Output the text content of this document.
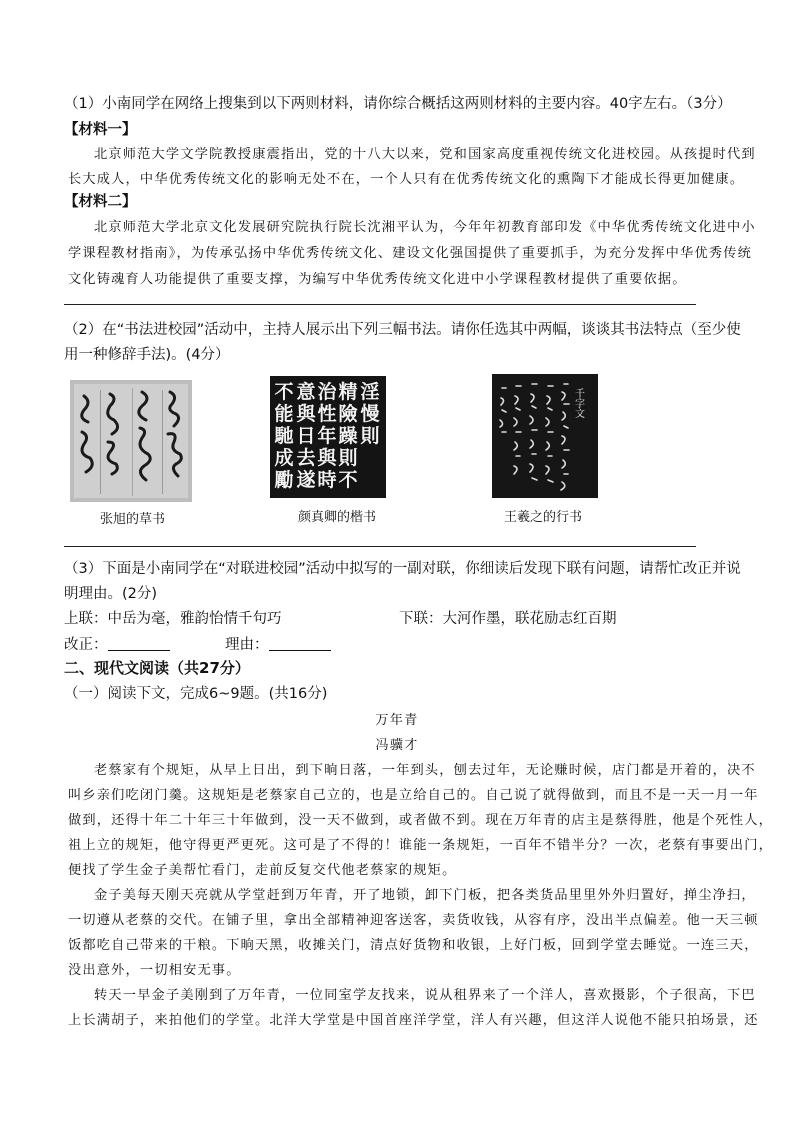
（1）小南同学在网络上搜集到以下两则材料，请你综合概括这两则材料的主要内容。40字左右。（3分）
【材料一】
北京师范大学文学院教授康震指出，党的十八大以来，党和国家高度重视传统文化进校园。从孩提时代到
长大成人，中华优秀传统文化的影响无处不在，一个人只有在优秀传统文化的熏陶下才能成长得更加健康。
【材料二】
北京师范大学北京文化发展研究院执行院长沈湘平认为，今年年初教育部印发《中华优秀传统文化进中小
学课程教材指南》，为传承弘扬中华优秀传统文化、建设文化强国提供了重要抓手，为充分发挥中华优秀传统
文化铸魂育人功能提供了重要支撑，为编写中华优秀传统文化进中小学课程教材提供了重要依据。
（2）在“书法进校园”活动中，主持人展示出下列三幅书法。请你任选其中两幅，谈谈其书法特点（至少使
用一种修辞手法)。(4分）
张旭的草书
淫
慢
則
精
險
躁
則
不
治
性
年
與
時
意
與
日
去
遂
不
能
馳
成
勵
颜真卿的楷书
千字文
王羲之的行书
（3）下面是小南同学在“对联进校园”活动中拟写的一副对联，你细读后发现下联有问题，请帮忙改正并说
明理由。(2分)
上联：中岳为毫，雅韵怡情千句巧	下联：大河作墨，联花励志红百期
改正：	理由：
二、现代文阅读（共27分）
（一）阅读下文，完成6~9题。(共16分)
万年青
冯骥才
老蔡家有个规矩，从早上日出，到下晌日落，一年到头，刨去过年，无论赚时候，店门都是开着的，决不
叫乡亲们吃闭门羹。这规矩是老蔡家自己立的，也是立给自己的。自己说了就得做到，而且不是一天一月一年
做到，还得十年二十年三十年做到，没一天不做到，或者做不到。现在万年青的店主是蔡得胜，他是个死性人，
祖上立的规矩，他守得更严更死。这可是了不得的！谁能一条规矩，一百年不错半分？一次，老蔡有事要出门，
便找了学生金子美帮忙看门，走前反复交代他老蔡家的规矩。
金子美每天刚天亮就从学堂赶到万年青，开了地锁，卸下门板，把各类货品里里外外归置好，掸尘净扫，
一切遵从老蔡的交代。在铺子里，拿出全部精神迎客送客，卖货收钱，从容有序，没出半点偏差。他一天三顿
饭都吃自己带来的干粮。下晌天黑，收摊关门，清点好货物和收银，上好门板，回到学堂去睡觉。一连三天，
没出意外，一切相安无事。
转天一早金子美刚到了万年青，一位同室学友找来，说从租界来了一个洋人，喜欢摄影，个子很高，下巴
上长满胡子，来拍他们的学堂。北洋大学堂是中国首座洋学堂，洋人有兴趣，但这洋人说他不能只拍场景，还
